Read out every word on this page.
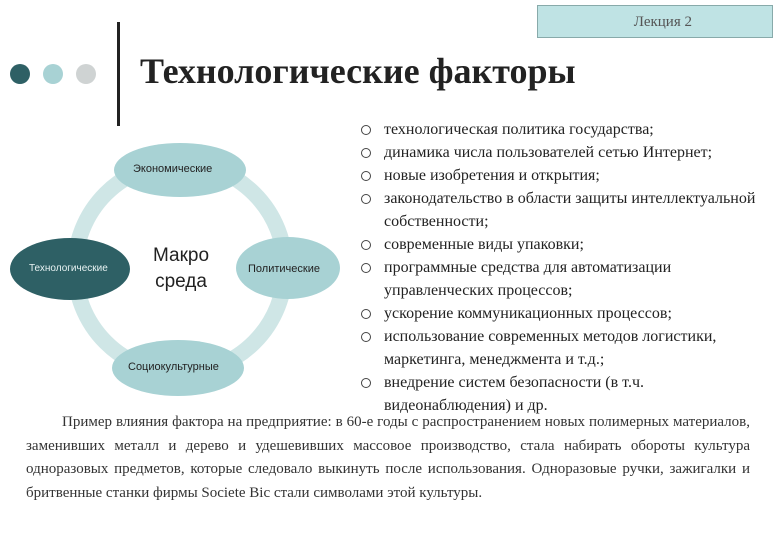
Лекция 2
Технологические факторы
Экономические
Технологические	Политические
Социокультурные
Макро
среда
технологическая политика государства;
динамика числа пользователей сетью Интернет;
новые изобретения и открытия;
законодательство в области защиты интеллектуальной собственности;
современные виды упаковки;
программные средства для автоматизации управленческих процессов;
ускорение коммуникационных процессов;
использование современных методов логистики, маркетинга, менеджмента и т.д.;
внедрение систем безопасности (в т.ч. видеонаблюдения) и др.
Пример влияния фактора на предприятие: в 60-е годы с распространением новых полимерных материалов, заменивших металл и дерево и удешевивших массовое производство, стала набирать обороты культура одноразовых предметов, которые следовало выкинуть после использования. Одноразовые ручки, зажигалки и бритвенные станки фирмы Societe Bic стали символами этой культуры.
